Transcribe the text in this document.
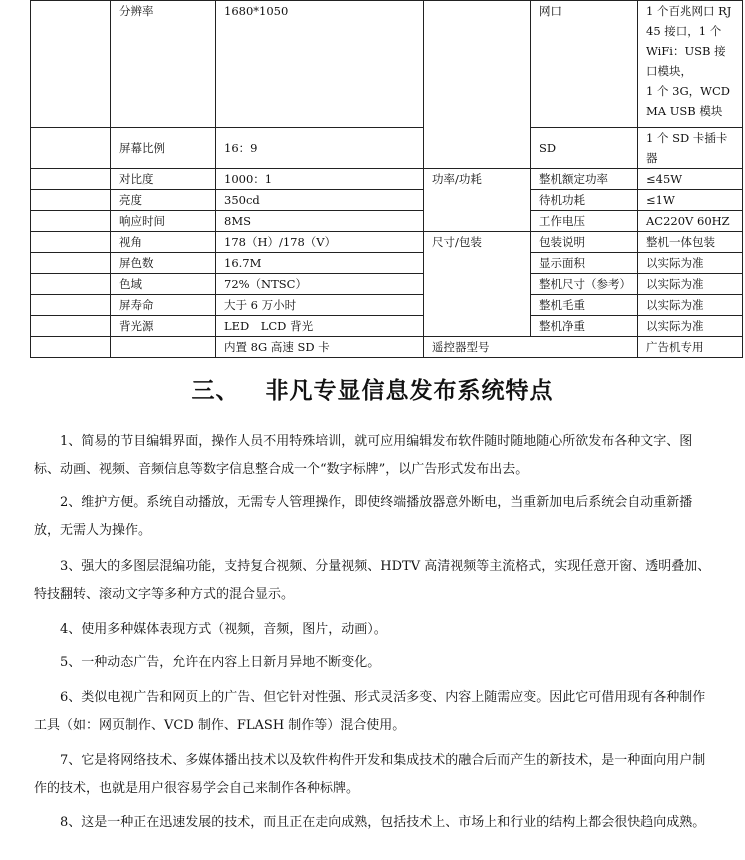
	分辨率	1680*1050		网口	1 个百兆网口 RJ45 接口，1 个 WiFi：USB 接口模块，
1 个 3G，WCDMA USB 模块
	屏幕比例	16：9		SD	1 个 SD 卡插卡器
	对比度	1000：1	功率/功耗	整机额定功率	≤45W
	亮度	350cd		待机功耗	≤1W
	响应时间	8MS		工作电压	AC220V 60HZ
	视角	178（H）/178（V）	尺寸/包装	包装说明	整机一体包装
	屏色数	16.7M		显示面积	以实际为准
	色域	72%（NTSC）		整机尺寸（参考）	以实际为准
	屏寿命	大于 6 万小时		整机毛重	以实际为准
	背光源	LED　LCD 背光		整机净重	以实际为准
		内置 8G 高速 SD 卡	遥控器型号		广告机专用
三、 非凡专显信息发布系统特点

1、简易的节目编辑界面，操作人员不用特殊培训，就可应用编辑发布软件随时随地随心所欲发布各种文字、图标、动画、视频、音频信息等数字信息整合成一个“数字标牌”，以广告形式发布出去。

2、维护方便。系统自动播放，无需专人管理操作，即使终端播放器意外断电，当重新加电后系统会自动重新播放，无需人为操作。

3、强大的多图层混编功能，支持复合视频、分量视频、HDTV 高清视频等主流格式，实现任意开窗、透明叠加、特技翻转、滚动文字等多种方式的混合显示。

4、使用多种媒体表现方式（视频，音频，图片，动画）。

5、一种动态广告，允许在内容上日新月异地不断变化。

6、类似电视广告和网页上的广告、但它针对性强、形式灵活多变、内容上随需应变。因此它可借用现有各种制作工具（如：网页制作、VCD 制作、FLASH 制作等）混合使用。

7、它是将网络技术、多媒体播出技术以及软件构件开发和集成技术的融合后而产生的新技术，是一种面向用户制作的技术，也就是用户很容易学会自己来制作各种标牌。

8、这是一种正在迅速发展的技术，而且正在走向成熟，包括技术上、市场上和行业的结构上都会很快趋向成熟。
